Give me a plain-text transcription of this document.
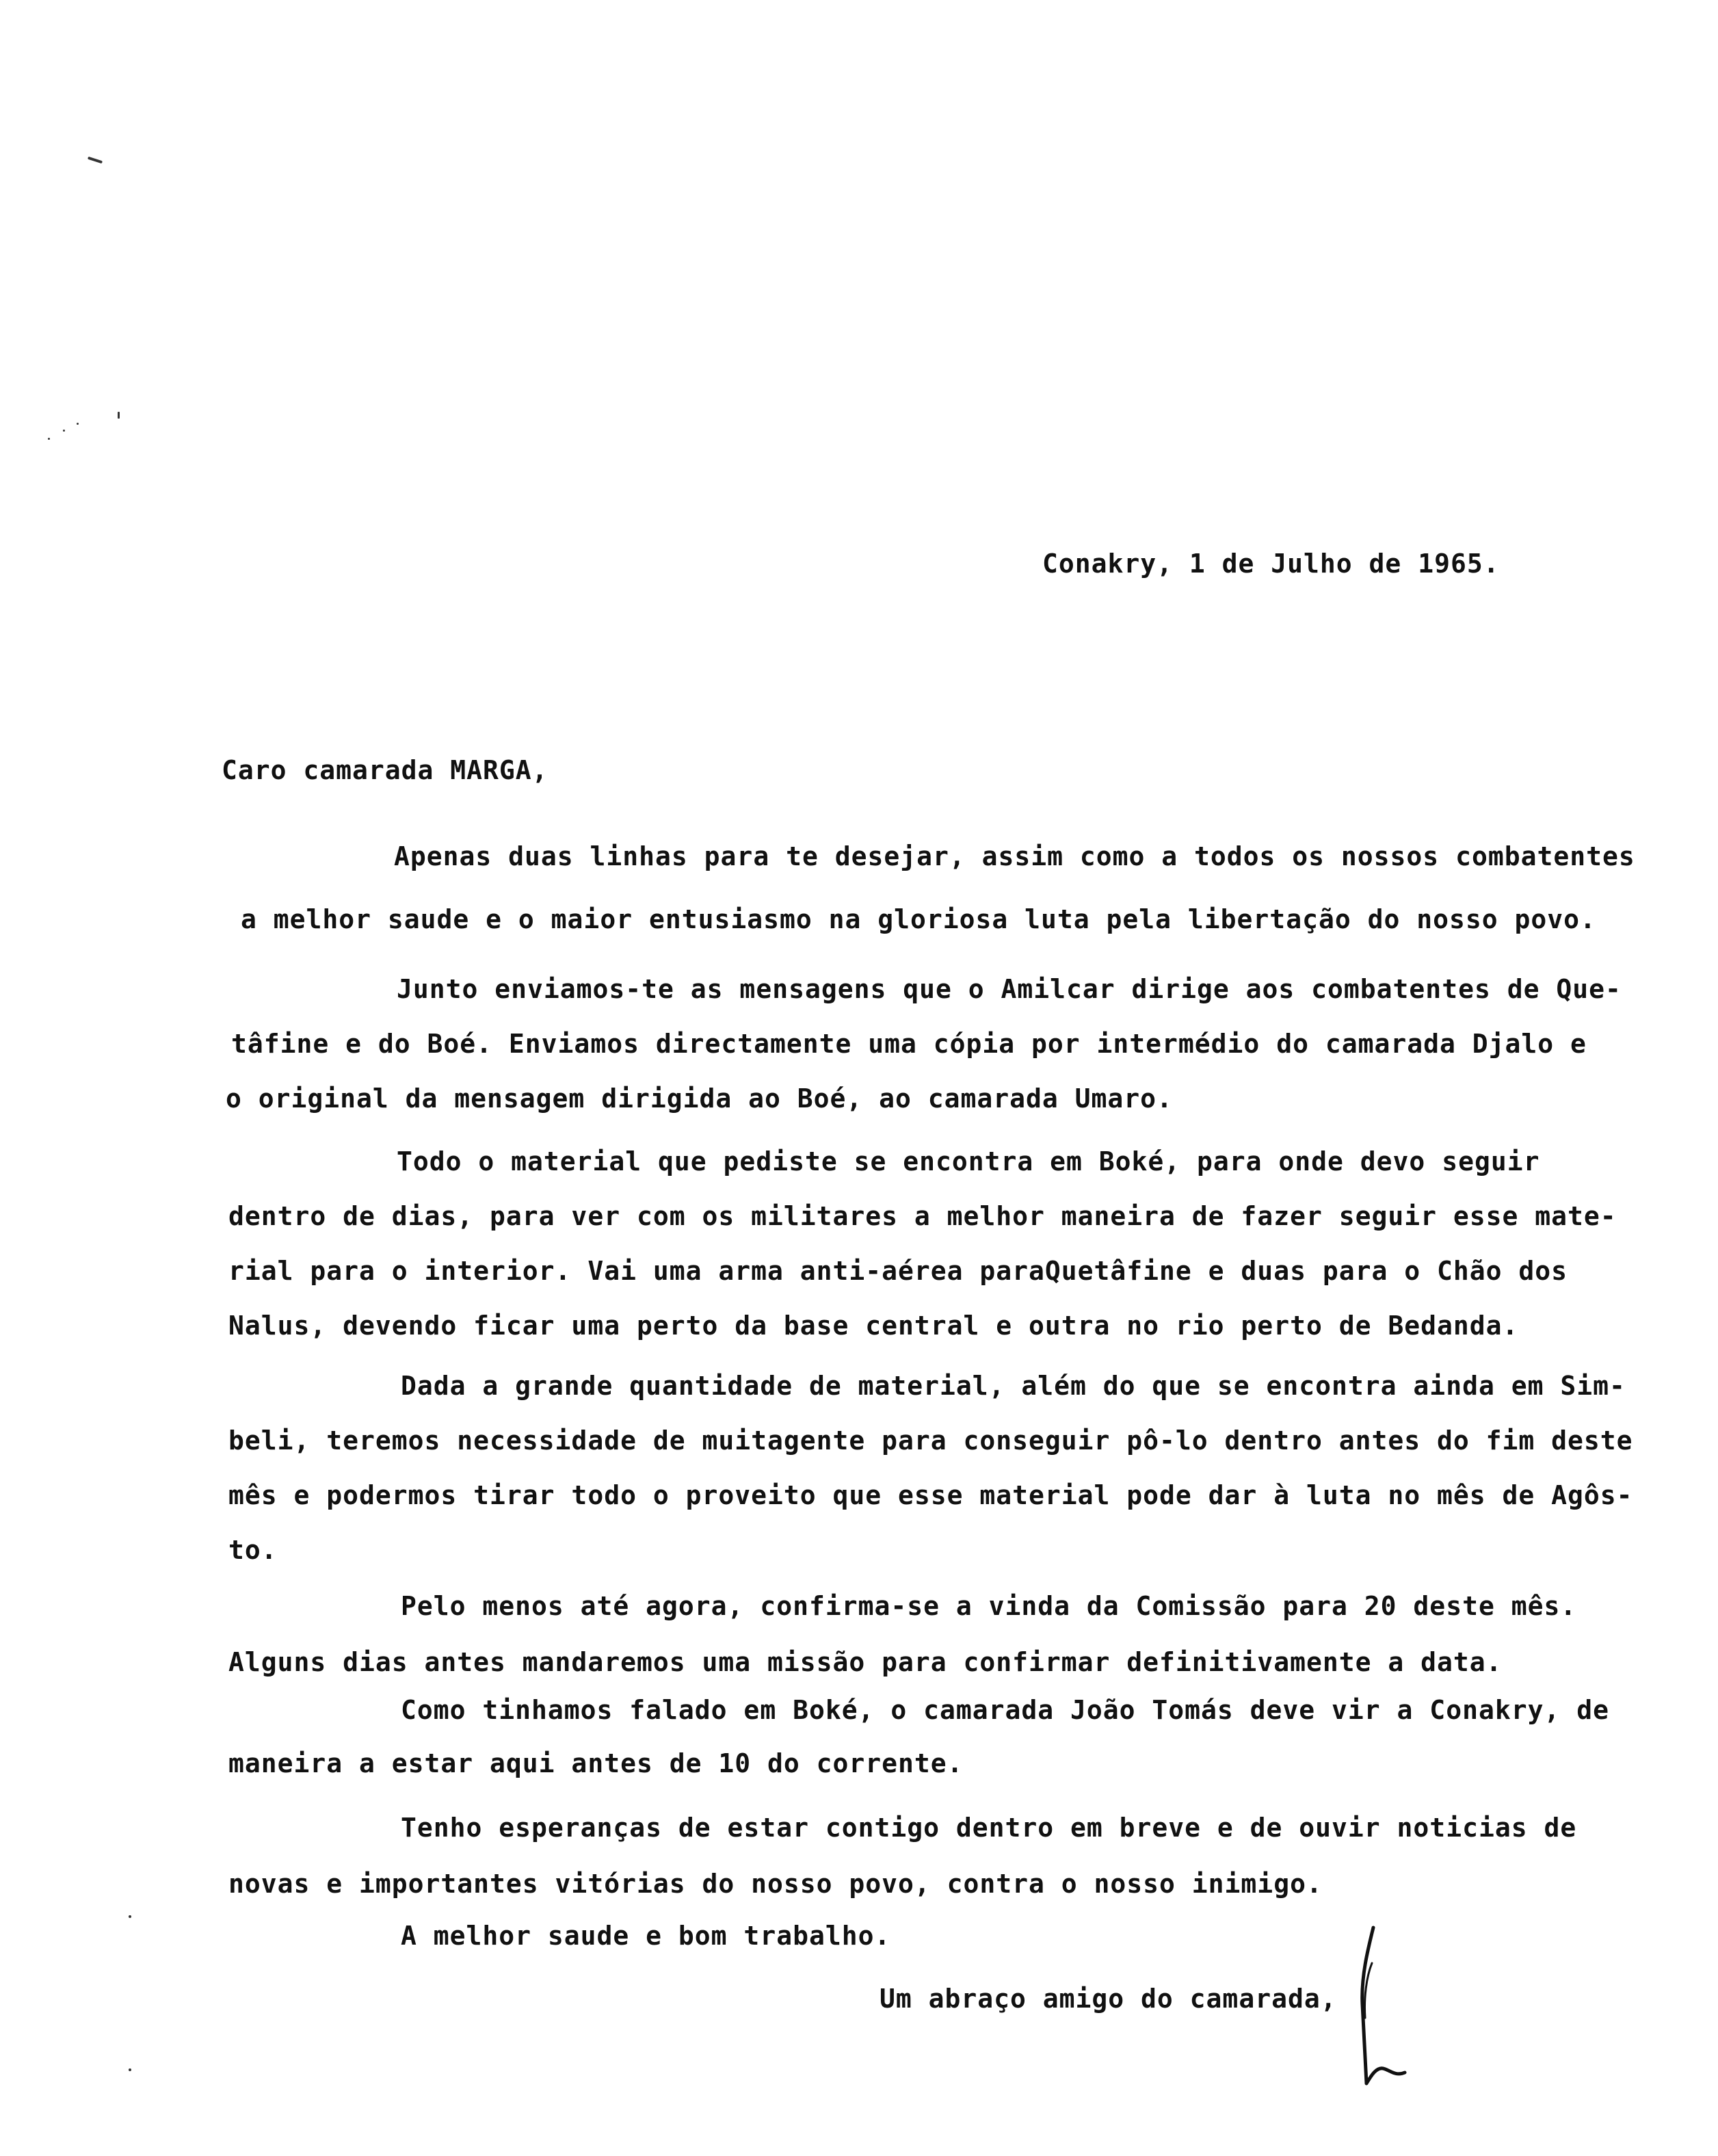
Conakry, 1 de Julho de 1965.
Caro camarada MARGA,
Apenas duas linhas para te desejar, assim como a todos os nossos combatentes
a melhor saude e o maior entusiasmo na gloriosa luta pela libertação do nosso povo.
Junto enviamos-te as mensagens que o Amilcar dirige aos combatentes de Que-
tâfine e do Boé. Enviamos directamente uma cópia por intermédio do camarada Djalo e
o original da mensagem dirigida ao Boé, ao camarada Umaro.
Todo o material que pediste se encontra em Boké, para onde devo seguir
dentro de dias, para ver com os militares a melhor maneira de fazer seguir esse mate-
rial para o interior. Vai uma arma anti-aérea paraQuetâfine e duas para o Chão dos
Nalus, devendo ficar uma perto da base central e outra no rio perto de Bedanda.
Dada a grande quantidade de material, além do que se encontra ainda em Sim-
beli, teremos necessidade de muitagente para conseguir pô-lo dentro antes do fim deste
mês e podermos tirar todo o proveito que esse material pode dar à luta no mês de Agôs-
to.
Pelo menos até agora, confirma-se a vinda da Comissão para 20 deste mês.
Alguns dias antes mandaremos uma missão para confirmar definitivamente a data.
Como tinhamos falado em Boké, o camarada João Tomás deve vir a Conakry, de
maneira a estar aqui antes de 10 do corrente.
Tenho esperanças de estar contigo dentro em breve e de ouvir noticias de
novas e importantes vitórias do nosso povo, contra o nosso inimigo.
A melhor saude e bom trabalho.
Um abraço amigo do camarada,
